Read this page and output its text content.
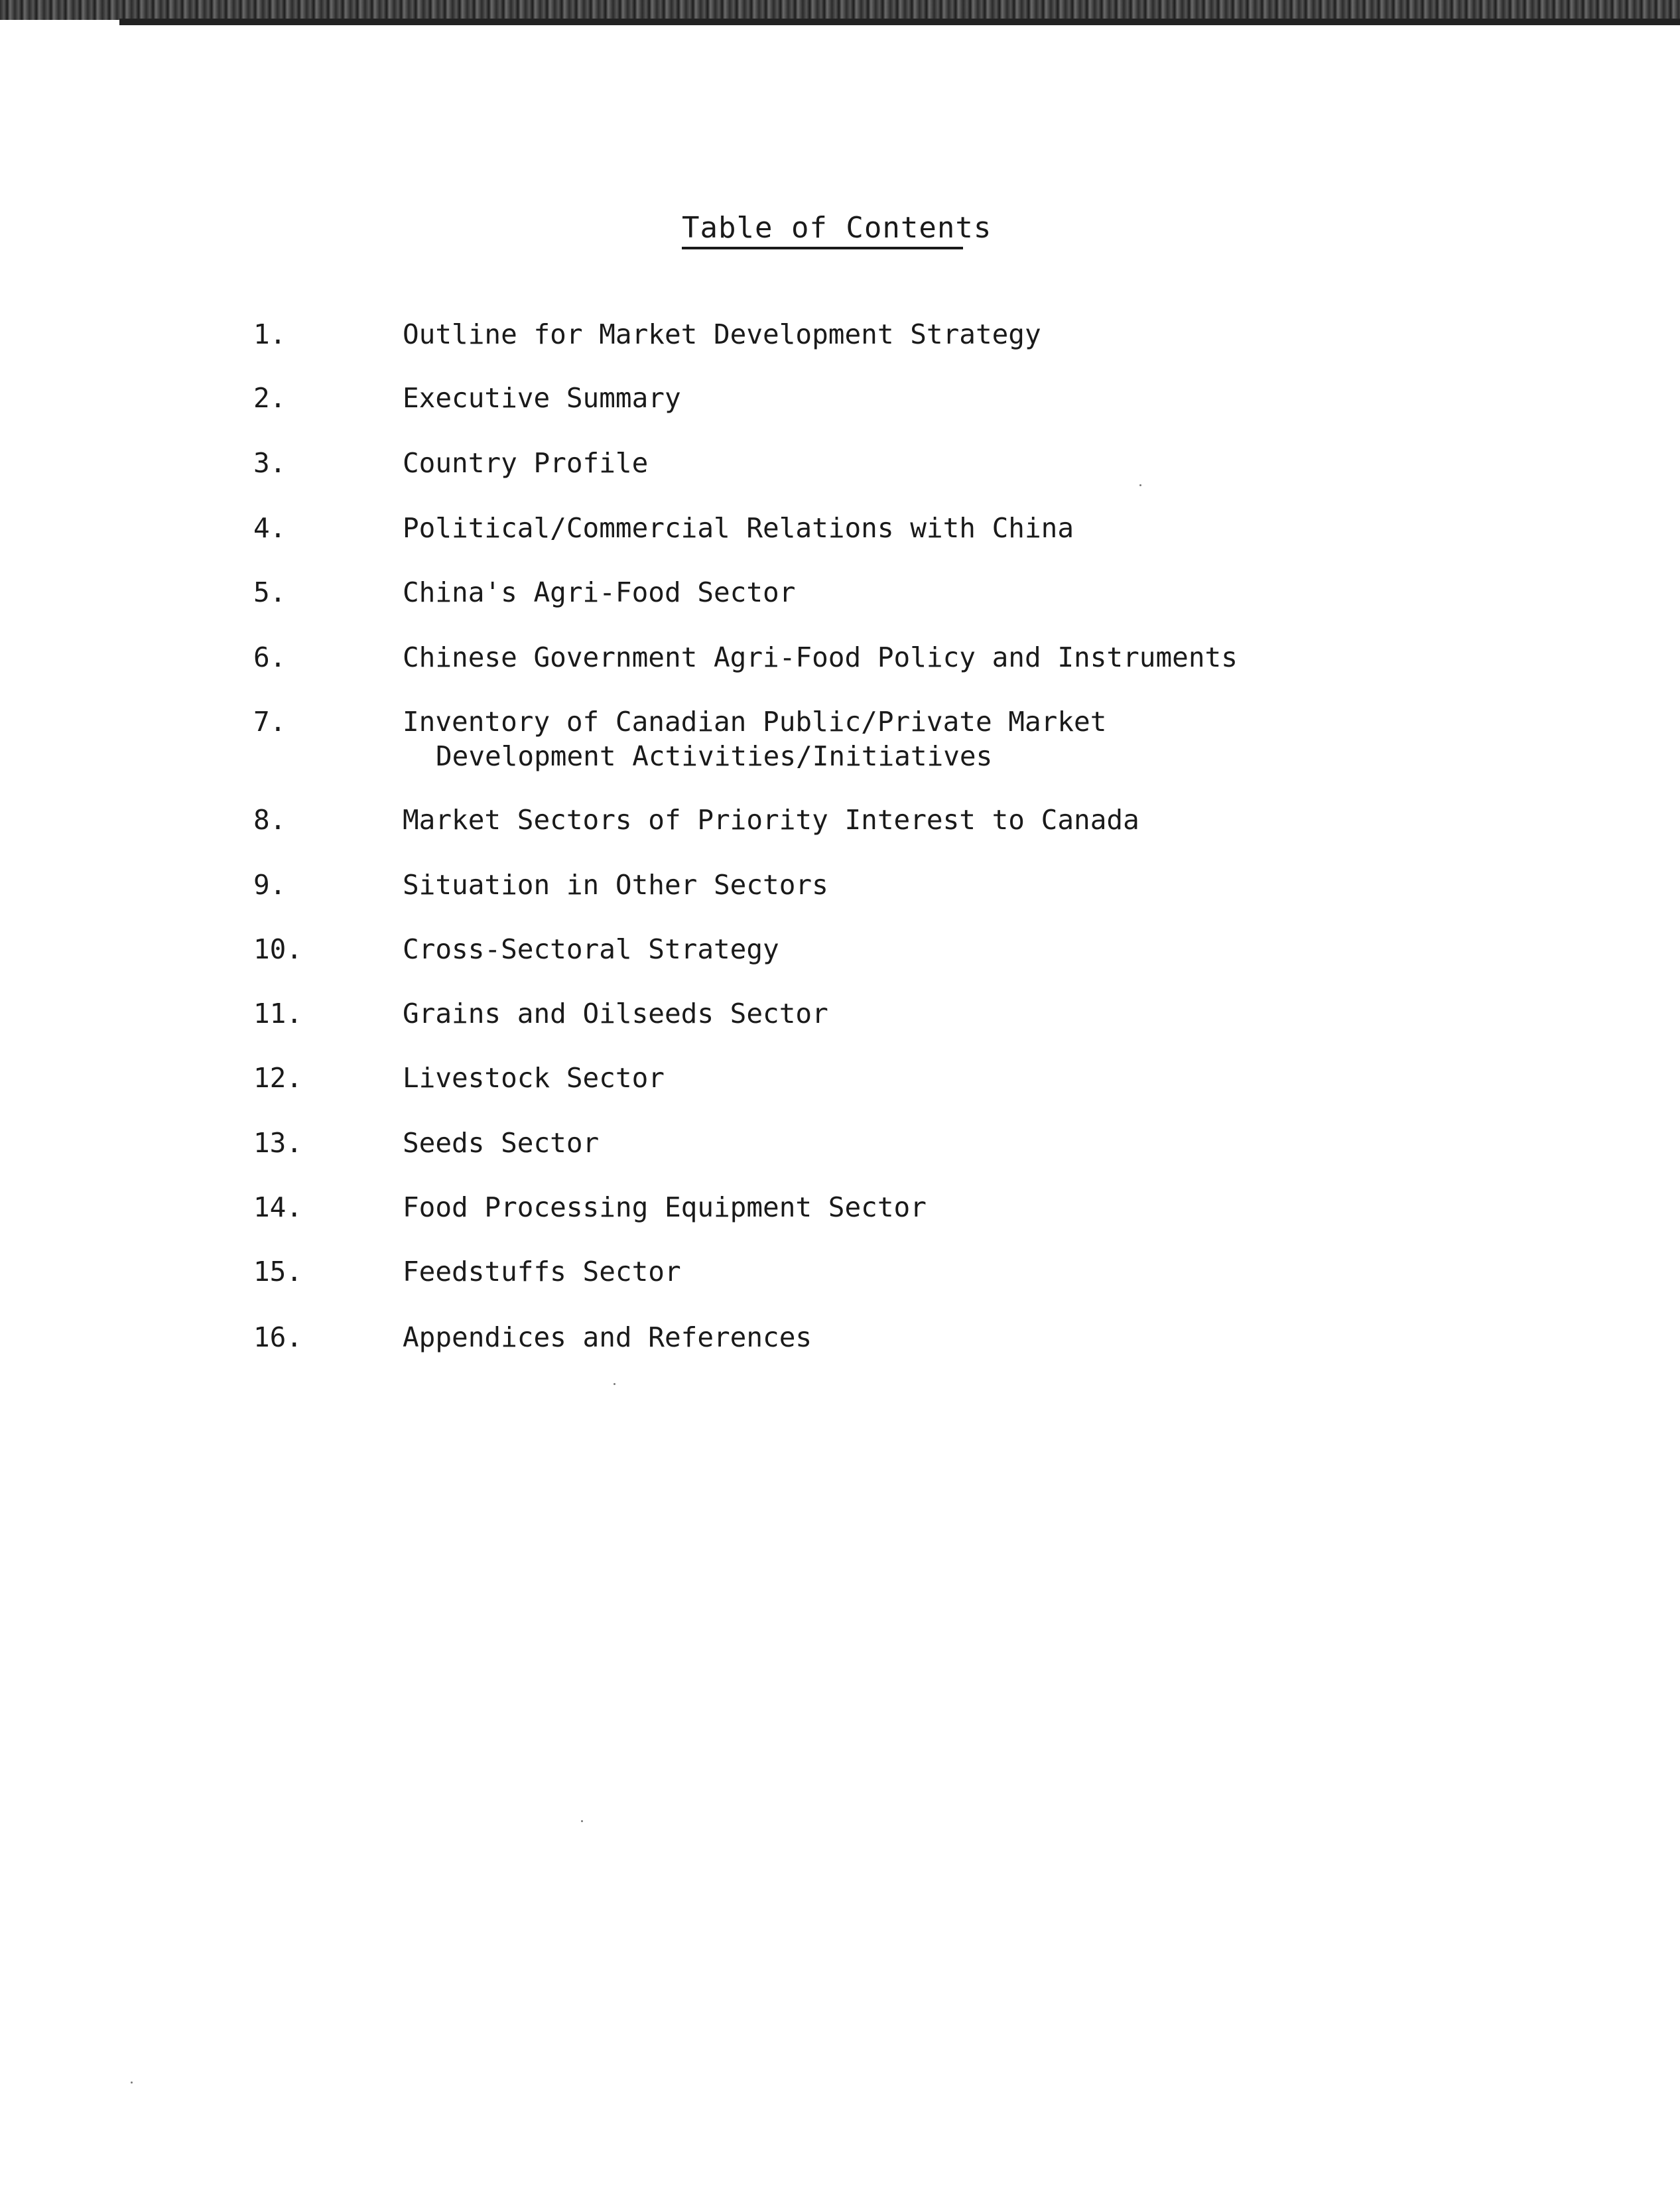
Table of Contents
1.	Outline for Market Development Strategy
2.	Executive Summary
3.	Country Profile
4.	Political/Commercial Relations with China
5.	China's Agri-Food Sector
6.	Chinese Government Agri-Food Policy and Instruments
7.	Inventory of Canadian Public/Private Market
Development Activities/Initiatives
8.	Market Sectors of Priority Interest to Canada
9.	Situation in Other Sectors
10.	Cross-Sectoral Strategy
11.	Grains and Oilseeds Sector
12.	Livestock Sector
13.	Seeds Sector
14.	Food Processing Equipment Sector
15.	Feedstuffs Sector
16.	Appendices and References
